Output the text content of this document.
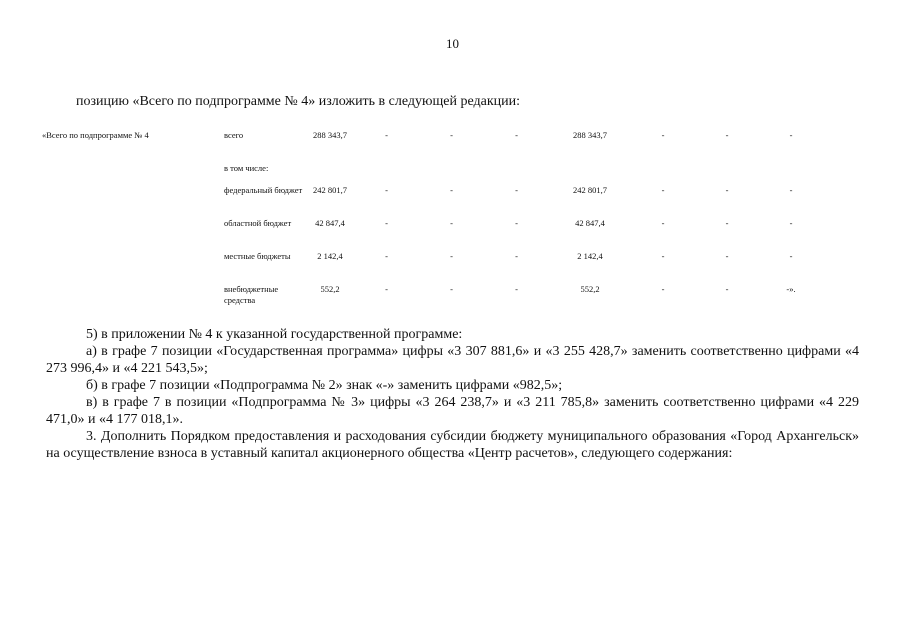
10
позицию «Всего по подпрограмме № 4» изложить в следующей редакции:
«Всего по подпрограмме № 4	всего	288 343,7	-	-	-	288 343,7	-	-	-
	в том числе:								
	федеральный бюджет	242 801,7	-	-	-	242 801,7	-	-	-
	областной бюджет	42 847,4	-	-	-	42 847,4	-	-	-
	местные бюджеты	2 142,4	-	-	-	2 142,4	-	-	-
	внебюджетные средства	552,2	-	-	-	552,2	-	-	-».

5) в приложении № 4 к указанной государственной программе:

а) в графе 7 позиции «Государственная программа» цифры «3 307 881,6» и «3 255 428,7» заменить соответственно цифрами «4 273 996,4» и «4 221 543,5»;

б) в графе 7 позиции «Подпрограмма № 2» знак «-» заменить цифрами «982,5»;

в) в графе 7 в позиции «Подпрограмма № 3» цифры «3 264 238,7» и «3 211 785,8» заменить соответственно цифрами «4 229 471,0» и «4 177 018,1».

3. Дополнить Порядком предоставления и расходования субсидии бюджету муниципального образования «Город Архангельск» на осуществление взноса в уставный капитал акционерного общества «Центр расчетов», следующего содержания:
